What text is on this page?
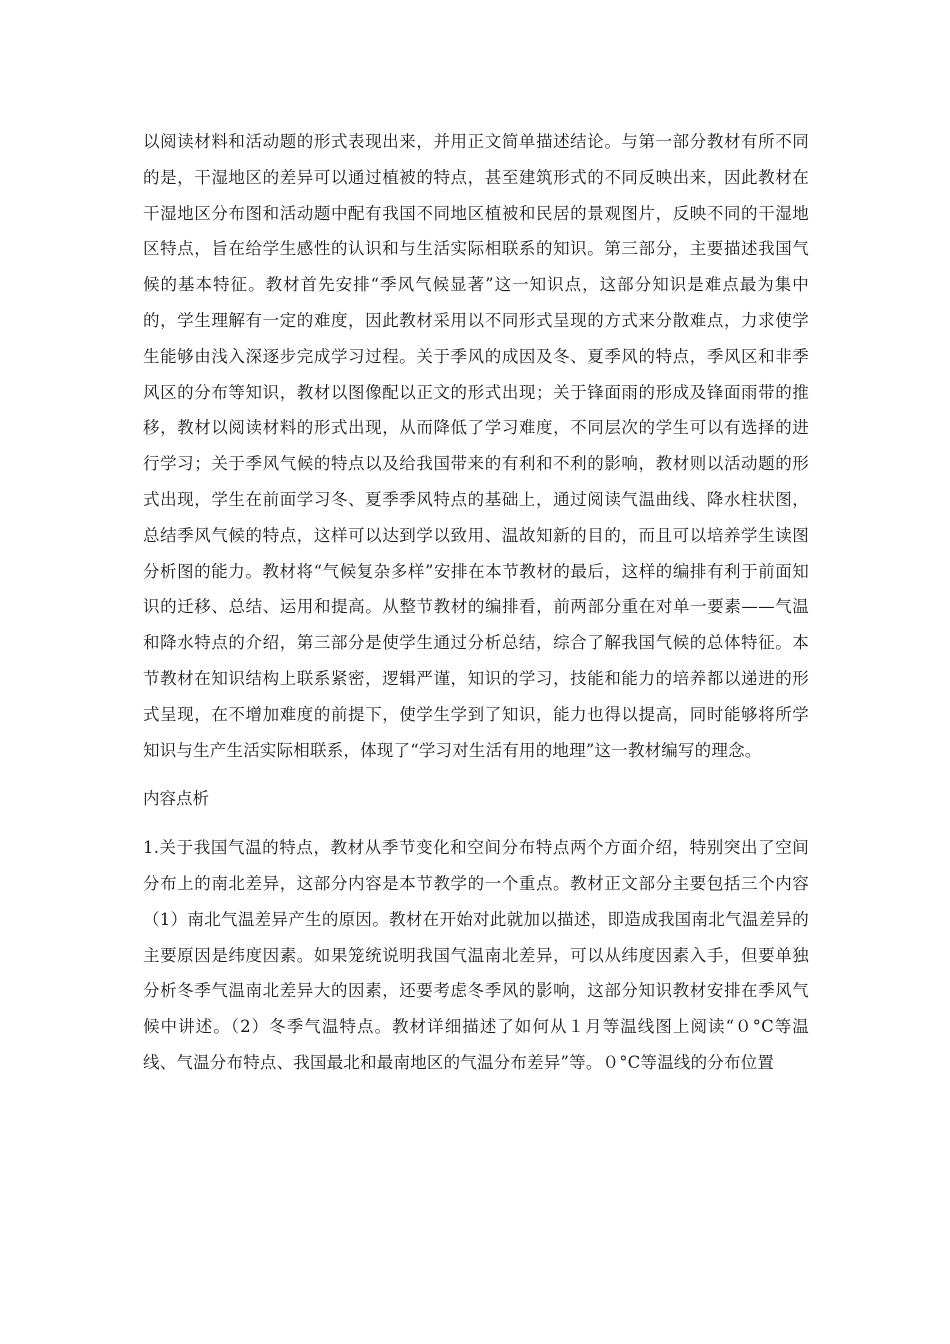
以阅读材料和活动题的形式表现出来，并用正文简单描述结论。与第一部分教材有所不同的是，干湿地区的差异可以通过植被的特点，甚至建筑形式的不同反映出来，因此教材在干湿地区分布图和活动题中配有我国不同地区植被和民居的景观图片，反映不同的干湿地区特点，旨在给学生感性的认识和与生活实际相联系的知识。第三部分，主要描述我国气候的基本特征。教材首先安排“季风气候显著”这一知识点，这部分知识是难点最为集中的，学生理解有一定的难度，因此教材采用以不同形式呈现的方式来分散难点，力求使学生能够由浅入深逐步完成学习过程。关于季风的成因及冬、夏季风的特点，季风区和非季风区的分布等知识，教材以图像配以正文的形式出现；关于锋面雨的形成及锋面雨带的推移，教材以阅读材料的形式出现，从而降低了学习难度，不同层次的学生可以有选择的进行学习；关于季风气候的特点以及给我国带来的有利和不利的影响，教材则以活动题的形式出现，学生在前面学习冬、夏季季风特点的基础上，通过阅读气温曲线、降水柱状图，总结季风气候的特点，这样可以达到学以致用、温故知新的目的，而且可以培养学生读图分析图的能力。教材将“气候复杂多样”安排在本节教材的最后，这样的编排有利于前面知识的迁移、总结、运用和提高。从整节教材的编排看，前两部分重在对单一要素——气温和降水特点的介绍，第三部分是使学生通过分析总结，综合了解我国气候的总体特征。本节教材在知识结构上联系紧密，逻辑严谨，知识的学习，技能和能力的培养都以递进的形式呈现，在不增加难度的前提下，使学生学到了知识，能力也得以提高，同时能够将所学知识与生产生活实际相联系，体现了“学习对生活有用的地理”这一教材编写的理念。

内容点析

1.关于我国气温的特点，教材从季节变化和空间分布特点两个方面介绍，特别突出了空间分布上的南北差异，这部分内容是本节教学的一个重点。教材正文部分主要包括三个内容（1）南北气温差异产生的原因。教材在开始对此就加以描述，即造成我国南北气温差异的主要原因是纬度因素。如果笼统说明我国气温南北差异，可以从纬度因素入手，但要单独分析冬季气温南北差异大的因素，还要考虑冬季风的影响，这部分知识教材安排在季风气候中讲述。（2）冬季气温特点。教材详细描述了如何从１月等温线图上阅读“０°C等温线、气温分布特点、我国最北和最南地区的气温分布差异”等。０°C等温线的分布位置
